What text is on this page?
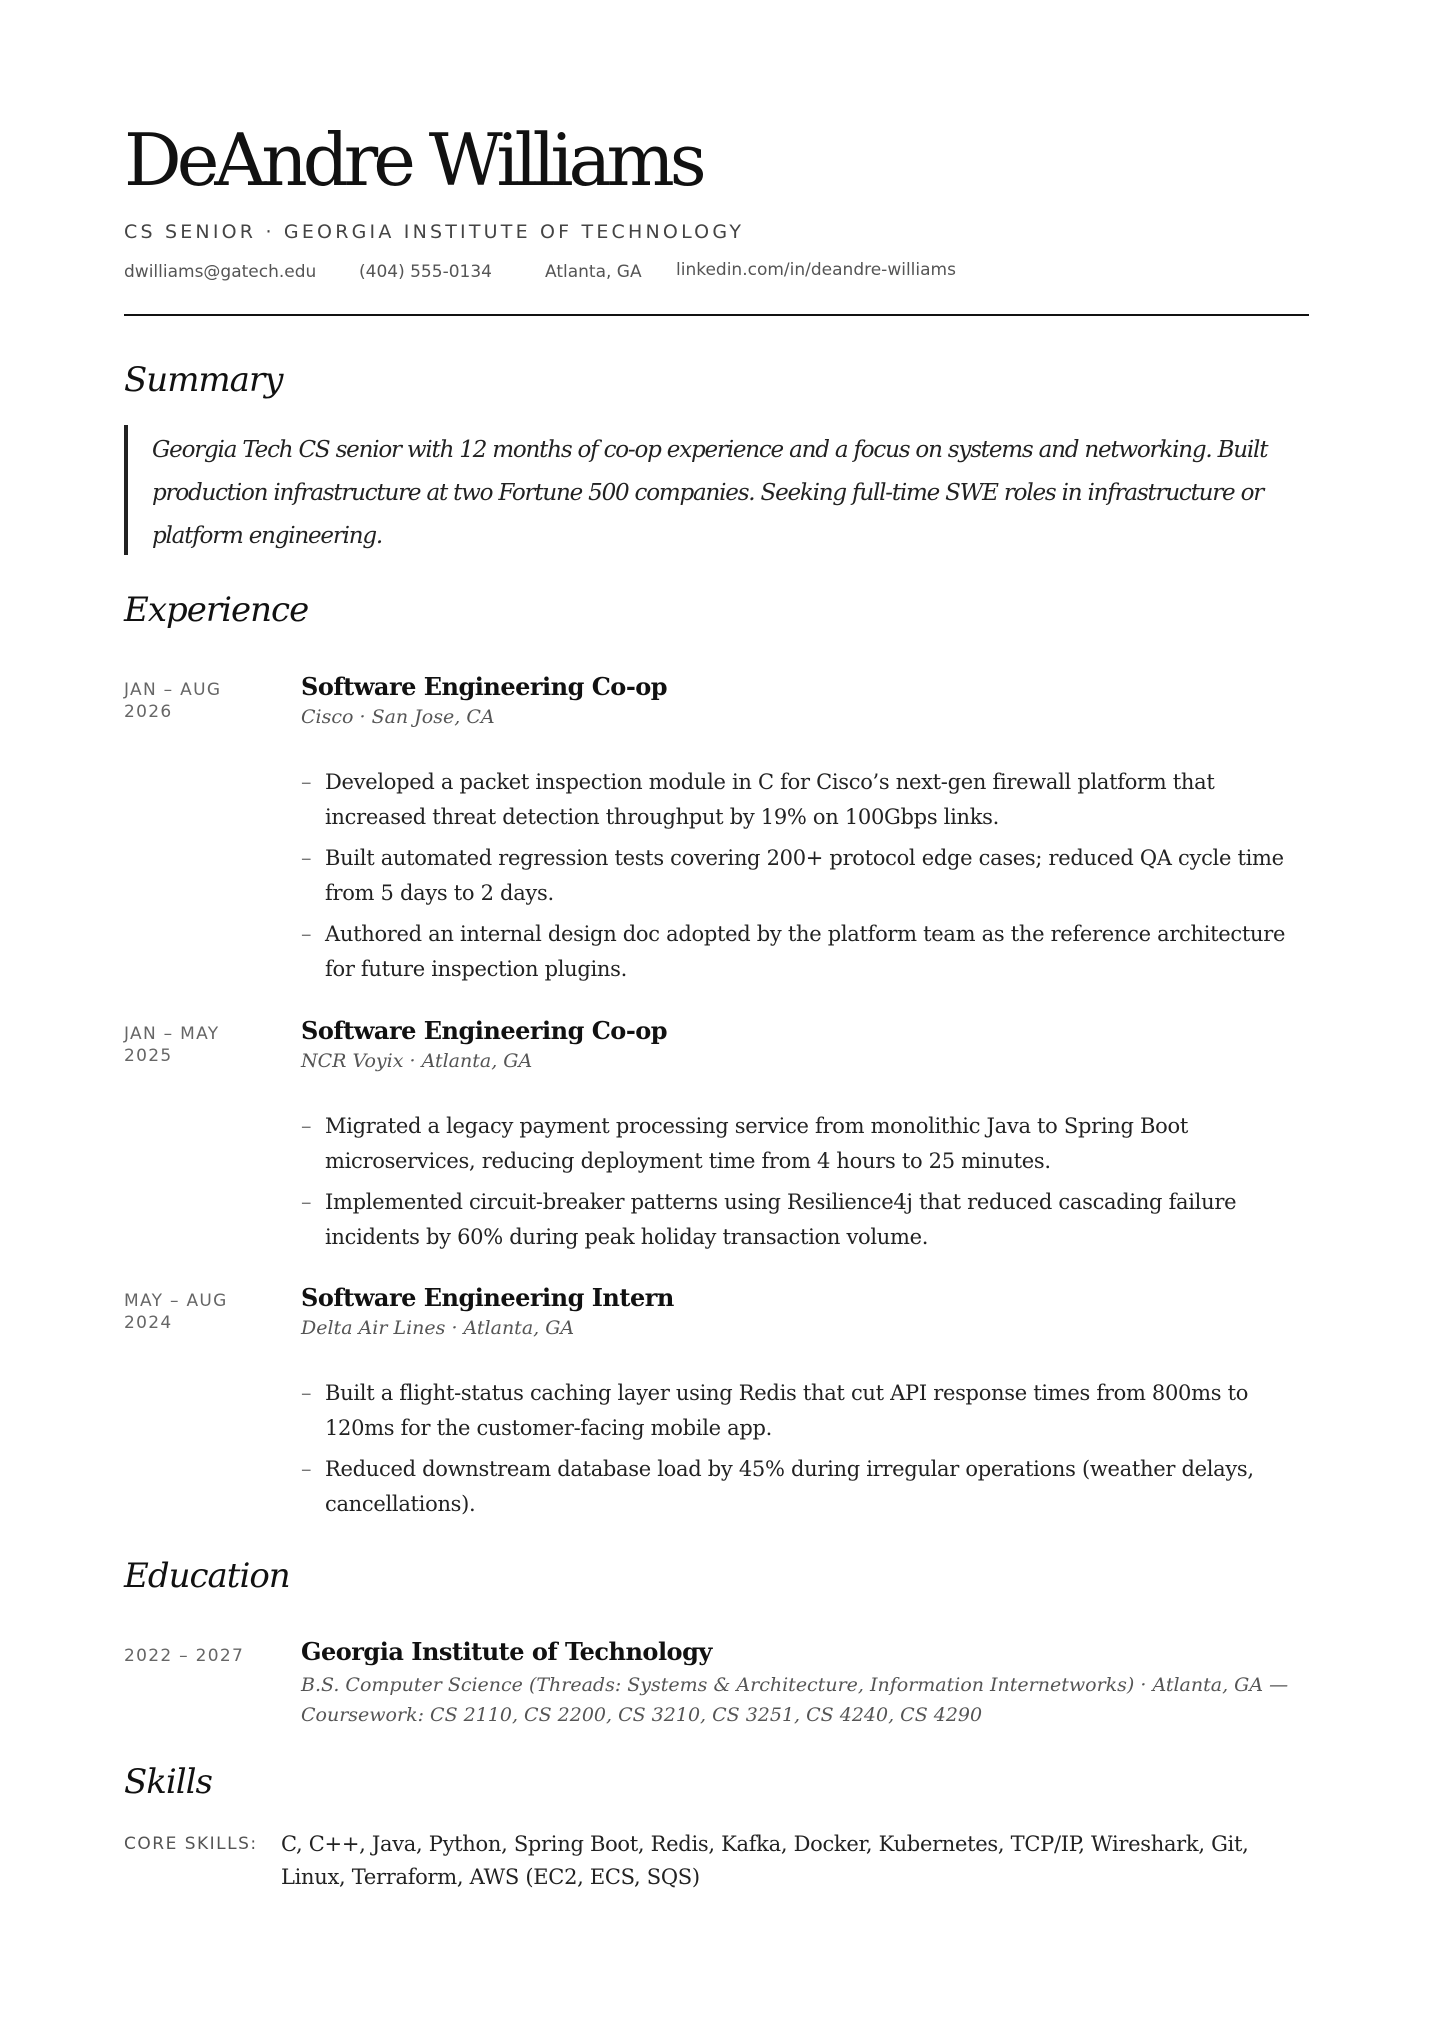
DeAndre Williams
CS SENIOR · GEORGIA INSTITUTE OF TECHNOLOGY
dwilliams@gatech.edu	(404) 555-0134	Atlanta, GA linkedin.com/in/deandre-williams
Summary
Georgia Tech CS senior with 12 months of co-op experience and a focus on systems and networking. Built production infrastructure at two Fortune 500 companies. Seeking full-time SWE roles in infrastructure or platform engineering.
Experience
JAN – AUG
2026
Software Engineering Co-op
Cisco · San Jose, CA
– Developed a packet inspection module in C for Cisco’s next-gen firewall platform that increased threat detection throughput by 19% on 100Gbps links.
– Built automated regression tests covering 200+ protocol edge cases; reduced QA cycle time from 5 days to 2 days.
– Authored an internal design doc adopted by the platform team as the reference architecture for future inspection plugins.
JAN – MAY
2025
Software Engineering Co-op
NCR Voyix · Atlanta, GA
– Migrated a legacy payment processing service from monolithic Java to Spring Boot microservices, reducing deployment time from 4 hours to 25 minutes.
– Implemented circuit-breaker patterns using Resilience4j that reduced cascading failure incidents by 60% during peak holiday transaction volume.
MAY – AUG
2024
Software Engineering Intern
Delta Air Lines · Atlanta, GA
– Built a flight-status caching layer using Redis that cut API response times from 800ms to 120ms for the customer-facing mobile app.
– Reduced downstream database load by 45% during irregular operations (weather delays, cancellations).
Education
2022 – 2027	Georgia Institute of Technology
B.S. Computer Science (Threads: Systems & Architecture, Information Internetworks) · Atlanta, GA — Coursework: CS 2110, CS 2200, CS 3210, CS 3251, CS 4240, CS 4290
Skills
CORE SKILLS: C, C++, Java, Python, Spring Boot, Redis, Kafka, Docker, Kubernetes, TCP/IP, Wireshark, Git, Linux, Terraform, AWS (EC2, ECS, SQS)
